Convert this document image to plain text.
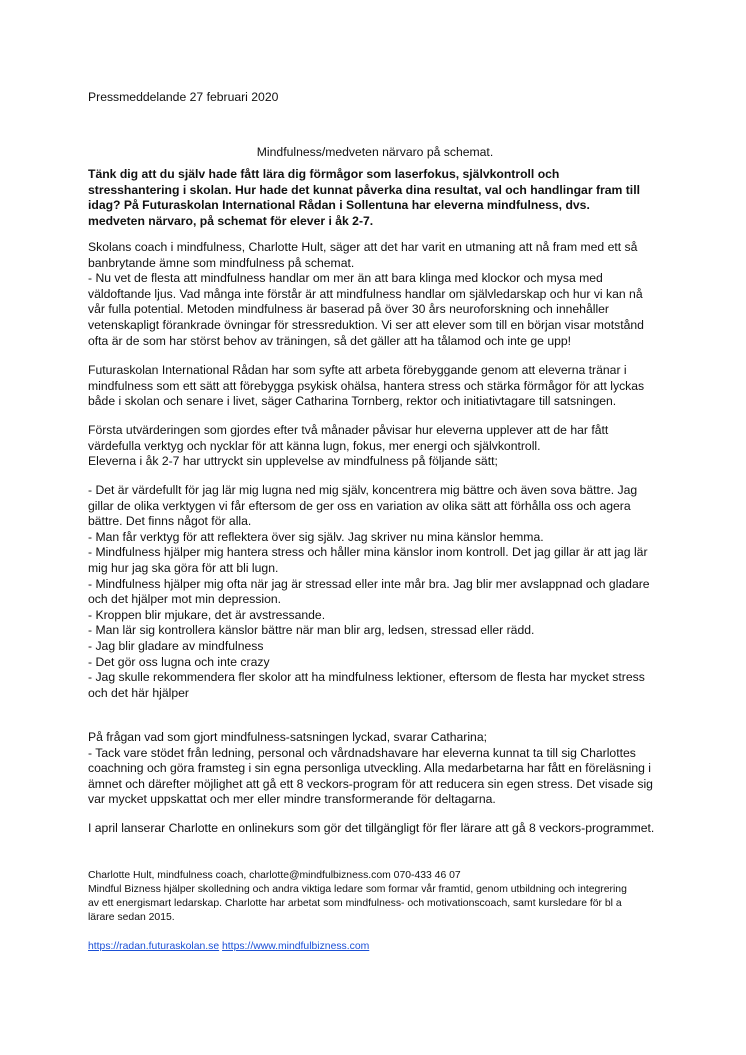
Pressmeddelande 27 februari 2020

Mindfulness/medveten närvaro på schemat.

Tänk dig att du själv hade fått lära dig förmågor som laserfokus, självkontroll och
stresshantering i skolan. Hur hade det kunnat påverka dina resultat, val och handlingar fram till
idag? På Futuraskolan International Rådan i Sollentuna har eleverna mindfulness, dvs.
medveten närvaro, på schemat för elever i åk 2-7.
Skolans coach i mindfulness, Charlotte Hult, säger att det har varit en utmaning att nå fram med ett så
banbrytande ämne som mindfulness på schemat.
- Nu vet de flesta att mindfulness handlar om mer än att bara klinga med klockor och mysa med
väldoftande ljus. Vad många inte förstår är att mindfulness handlar om självledarskap och hur vi kan nå
vår fulla potential. Metoden mindfulness är baserad på över 30 års neuroforskning och innehåller
vetenskapligt förankrade övningar för stressreduktion. Vi ser att elever som till en början visar motstånd
ofta är de som har störst behov av träningen, så det gäller att ha tålamod och inte ge upp!
Futuraskolan International Rådan har som syfte att arbeta förebyggande genom att eleverna tränar i
mindfulness som ett sätt att förebygga psykisk ohälsa, hantera stress och stärka förmågor för att lyckas
både i skolan och senare i livet, säger Catharina Tornberg, rektor och initiativtagare till satsningen.
Första utvärderingen som gjordes efter två månader påvisar hur eleverna upplever att de har fått
värdefulla verktyg och nycklar för att känna lugn, fokus, mer energi och självkontroll.
Eleverna i åk 2-7 har uttryckt sin upplevelse av mindfulness på följande sätt;
- Det är värdefullt för jag lär mig lugna ned mig själv, koncentrera mig bättre och även sova bättre. Jag
gillar de olika verktygen vi får eftersom de ger oss en variation av olika sätt att förhålla oss och agera
bättre. Det finns något för alla.
- Man får verktyg för att reflektera över sig själv. Jag skriver nu mina känslor hemma.
- Mindfulness hjälper mig hantera stress och håller mina känslor inom kontroll. Det jag gillar är att jag lär
mig hur jag ska göra för att bli lugn.
- Mindfulness hjälper mig ofta när jag är stressad eller inte mår bra. Jag blir mer avslappnad och gladare
och det hjälper mot min depression.
- Kroppen blir mjukare, det är avstressande.
- Man lär sig kontrollera känslor bättre när man blir arg, ledsen, stressad eller rädd.
- Jag blir gladare av mindfulness
- Det gör oss lugna och inte crazy
- Jag skulle rekommendera fler skolor att ha mindfulness lektioner, eftersom de flesta har mycket stress
och det här hjälper
På frågan vad som gjort mindfulness-satsningen lyckad, svarar Catharina;
- Tack vare stödet från ledning, personal och vårdnadshavare har eleverna kunnat ta till sig Charlottes
coachning och göra framsteg i sin egna personliga utveckling. Alla medarbetarna har fått en föreläsning i
ämnet och därefter möjlighet att gå ett 8 veckors-program för att reducera sin egen stress. Det visade sig
var mycket uppskattat och mer eller mindre transformerande för deltagarna.

I april lanserar Charlotte en onlinekurs som gör det tillgängligt för fler lärare att gå 8 veckors-programmet.

Charlotte Hult, mindfulness coach, charlotte@mindfulbizness.com 070-433 46 07
Mindful Bizness hjälper skolledning och andra viktiga ledare som formar vår framtid, genom utbildning och integrering
av ett energismart ledarskap. Charlotte har arbetat som mindfulness- och motivationscoach, samt kursledare för bl a
lärare sedan 2015.
https://radan.futuraskolan.se https://www.mindfulbizness.com
